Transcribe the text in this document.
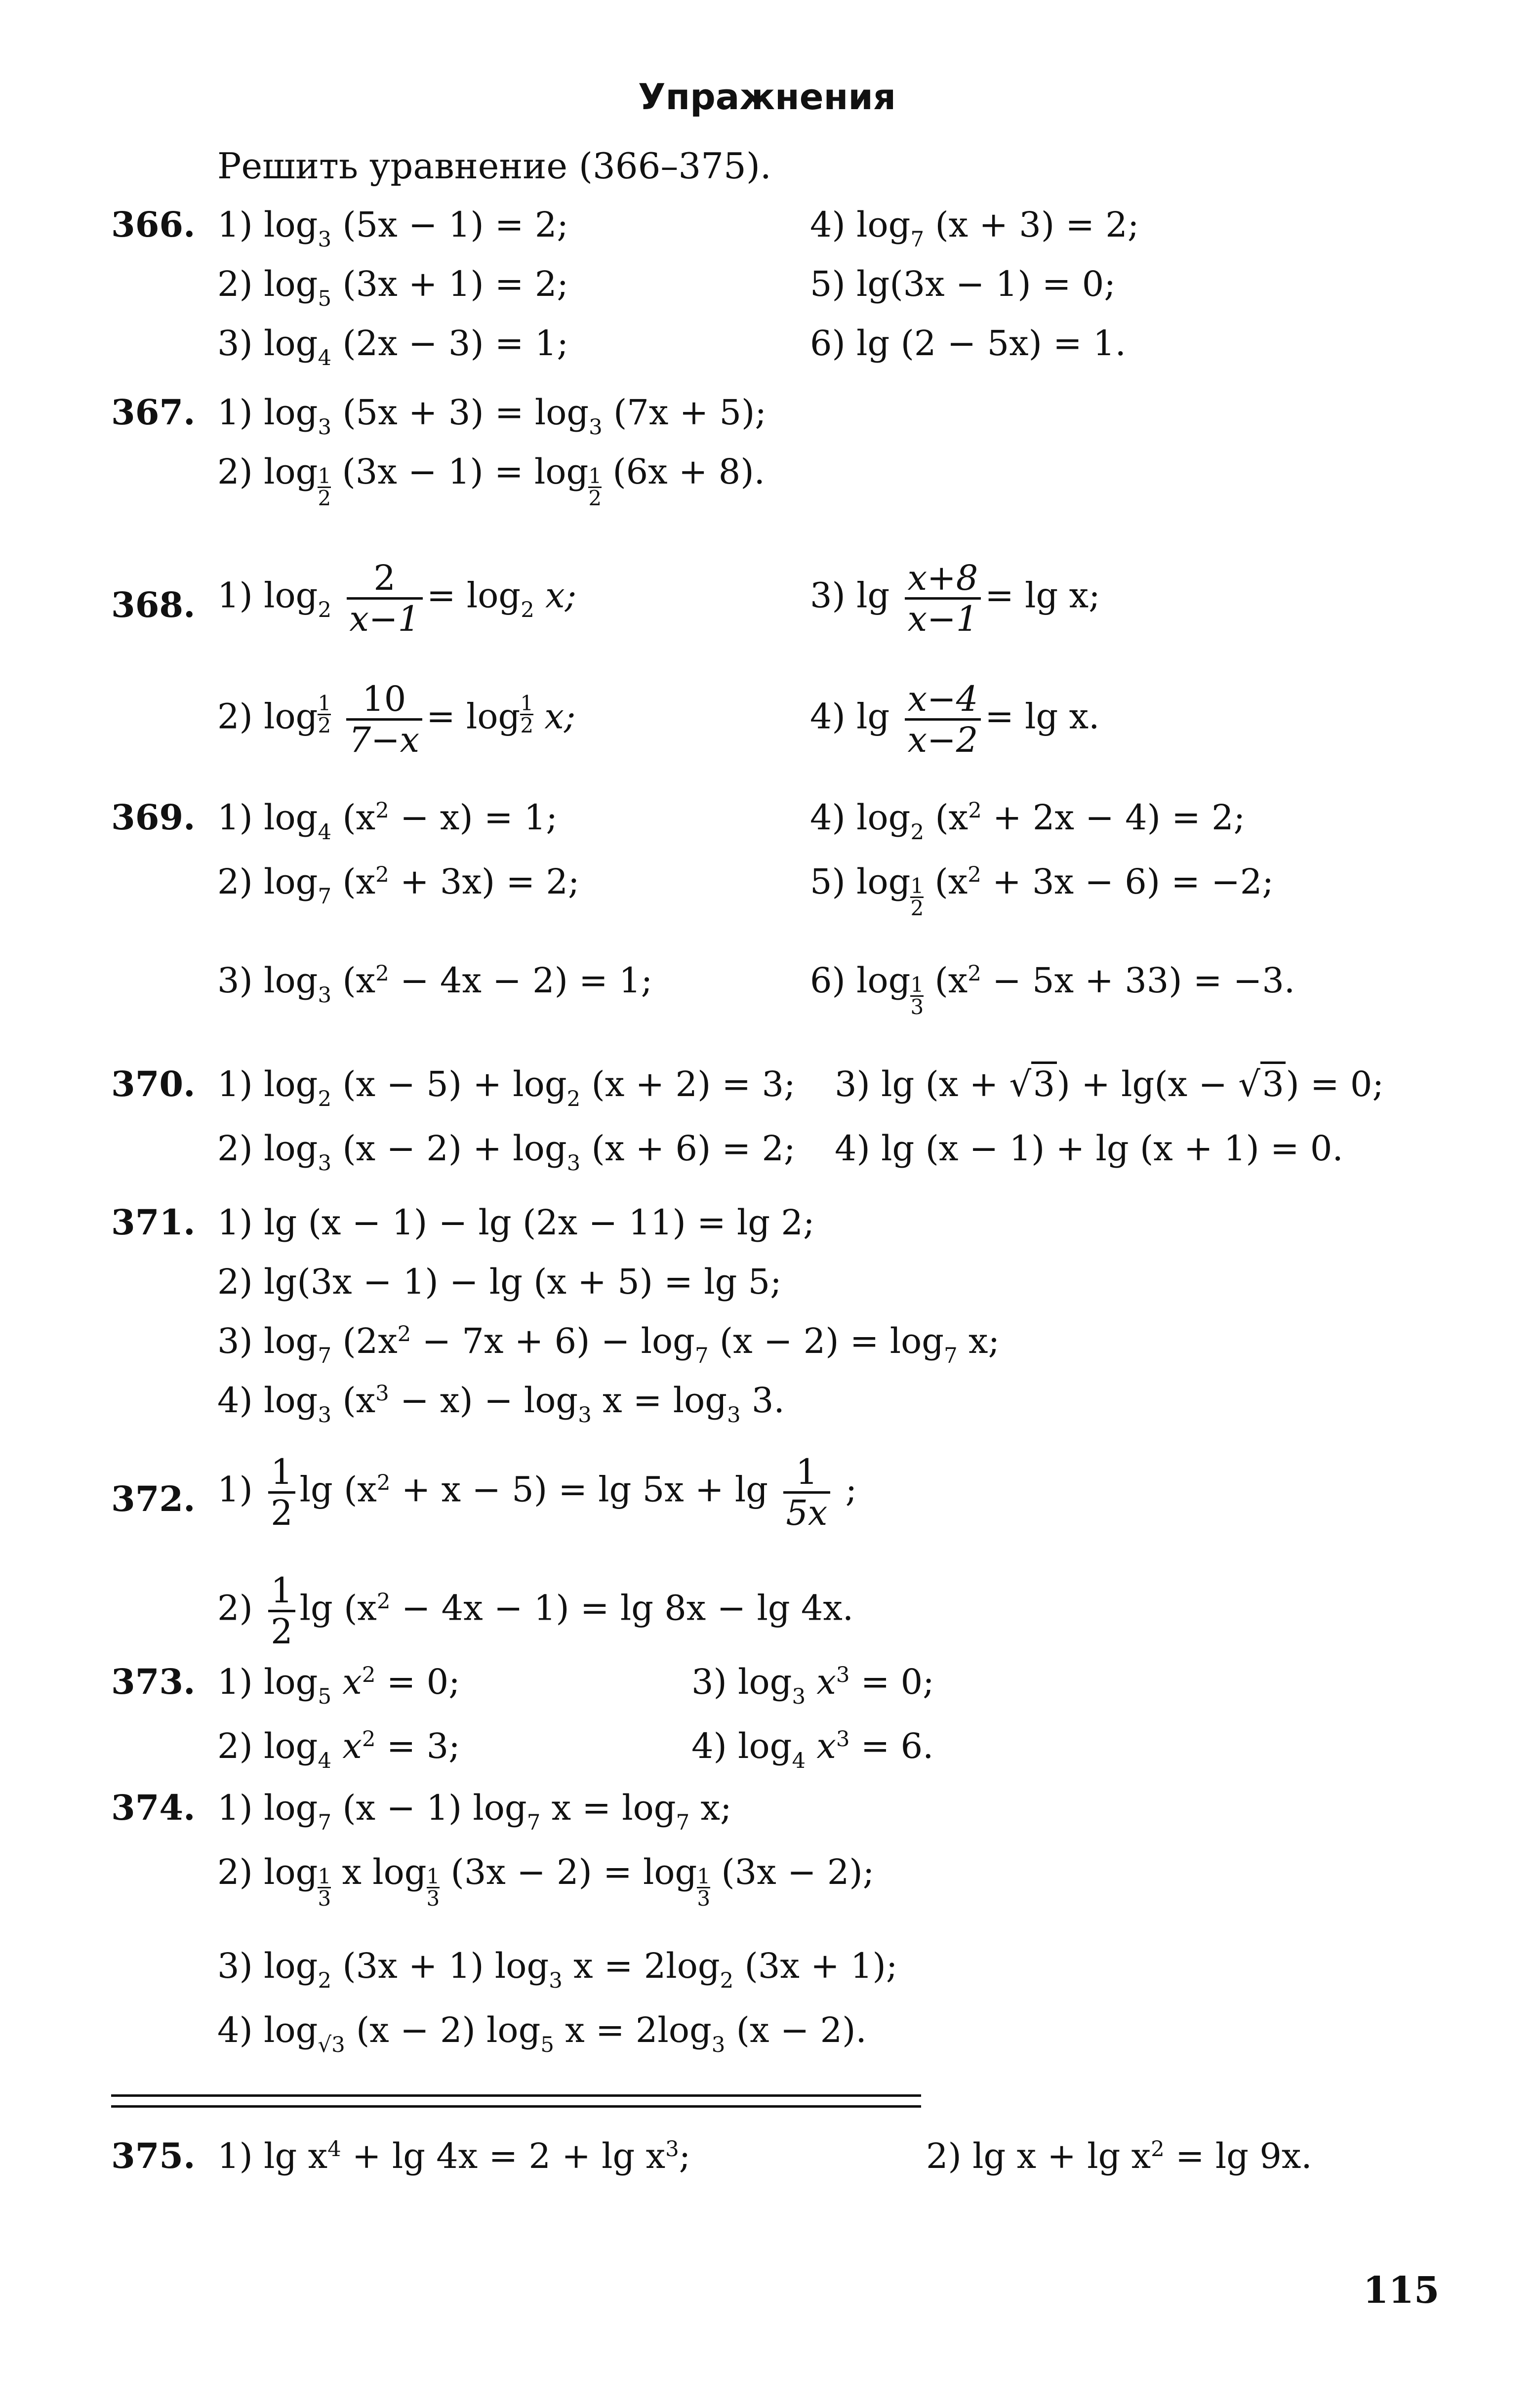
Упражнения
Решить уравнение (366–375).
366. 1) $\log_3 (5x - 1) = 2$;
2) $\log_5 (3x + 1) = 2$;
3) $\log_4 (2x - 3) = 1$;
4) $\log_7 (x + 3) = 2$;
5) lg(3x − 1) = 0;
6) lg (2 − 5x) = 1.
367. 1) $\log_3 (5x + 3) = \log_3 (7x + 5)$;
2) $\log \frac{1}{2} (3x - 1) = \log \frac{1}{2} (6x + 8)$.
368. 1) $\log_2 \frac{2}{x-1} = \log_2 x$;
2) $\log \frac{1}{2}$
$\frac{10}{7-x} = \log \frac{1}{2} x$;
3) $\lg \frac{x+8}{x-1} = \lg x$;
4) $\lg \frac{x-4}{x-2} = \lg x$.
369. 1) $\log_4 (x^2 - x) = 1$;
2) $\log_7 (x^2 + 3x) = 2$;
3) $\log_3 (x^2 - 4x - 2) = 1$;
4) $\log_2 (x^2 + 2x - 4) = 2$;
5) $\log \frac{1}{2} (x^2 + 3x - 6) = -2$;
6) $\log \frac{1}{3} (x^2 - 5x + 33) = -3$.
370. 1) $\log_2 (x - 5) + \log_2 (x + 2) = 3$;
2) $\log_3 (x - 2) + \log_3 (x + 6) = 2$;
3) lg (x + √3) + lg(x − √3) = 0;
4) lg (x − 1) + lg (x + 1) = 0.
371. 1) lg (x − 1) − lg (2x − 11) = lg 2;
2) lg(3x − 1) − lg (x + 5) = lg 5;
3) $\log_7 (2x^2 - 7x + 6) - \log_7 (x - 2) = \log_7 x$;
4) $\log_3 (x^3 - x) - \log_3 x = \log_3 3$.
372. $1) \frac{1}{2}$ $\lg (x^2 + x - 5) = \lg 5x + \lg \frac{1}{5x}$ ;
$2) \frac{1}{2}$ $\lg (x^2 - 4x - 1) = \lg 8x - \lg 4x$.
373. 1) $\log_5 x^2 = 0$;
2) $\log_4 x^2 = 3$;
3) $\log_3 x^3 = 0$;
4) $\log_4 x^3 = 6$.
374. 1) $\log_7 (x - 1)$ $\log_7 x = \log_7 x$;
2) $\log \frac{1}{3}$ x $\log \frac{1}{3} (3x - 2) = \log \frac{1}{3} (3x - 2)$;
3) $\log_2 (3x + 1)$ $\log_3 x = 2\log_2$ (3x + 1);
4) $\log_{√3} (x - 2)$ $\log_5 x = 2\log_3$ (x − 2).
375. 1) $\lg x^4 + \lg 4x = 2 + \lg x^3$;	2) $\lg x + \lg x^2 = \lg 9x$.
115
